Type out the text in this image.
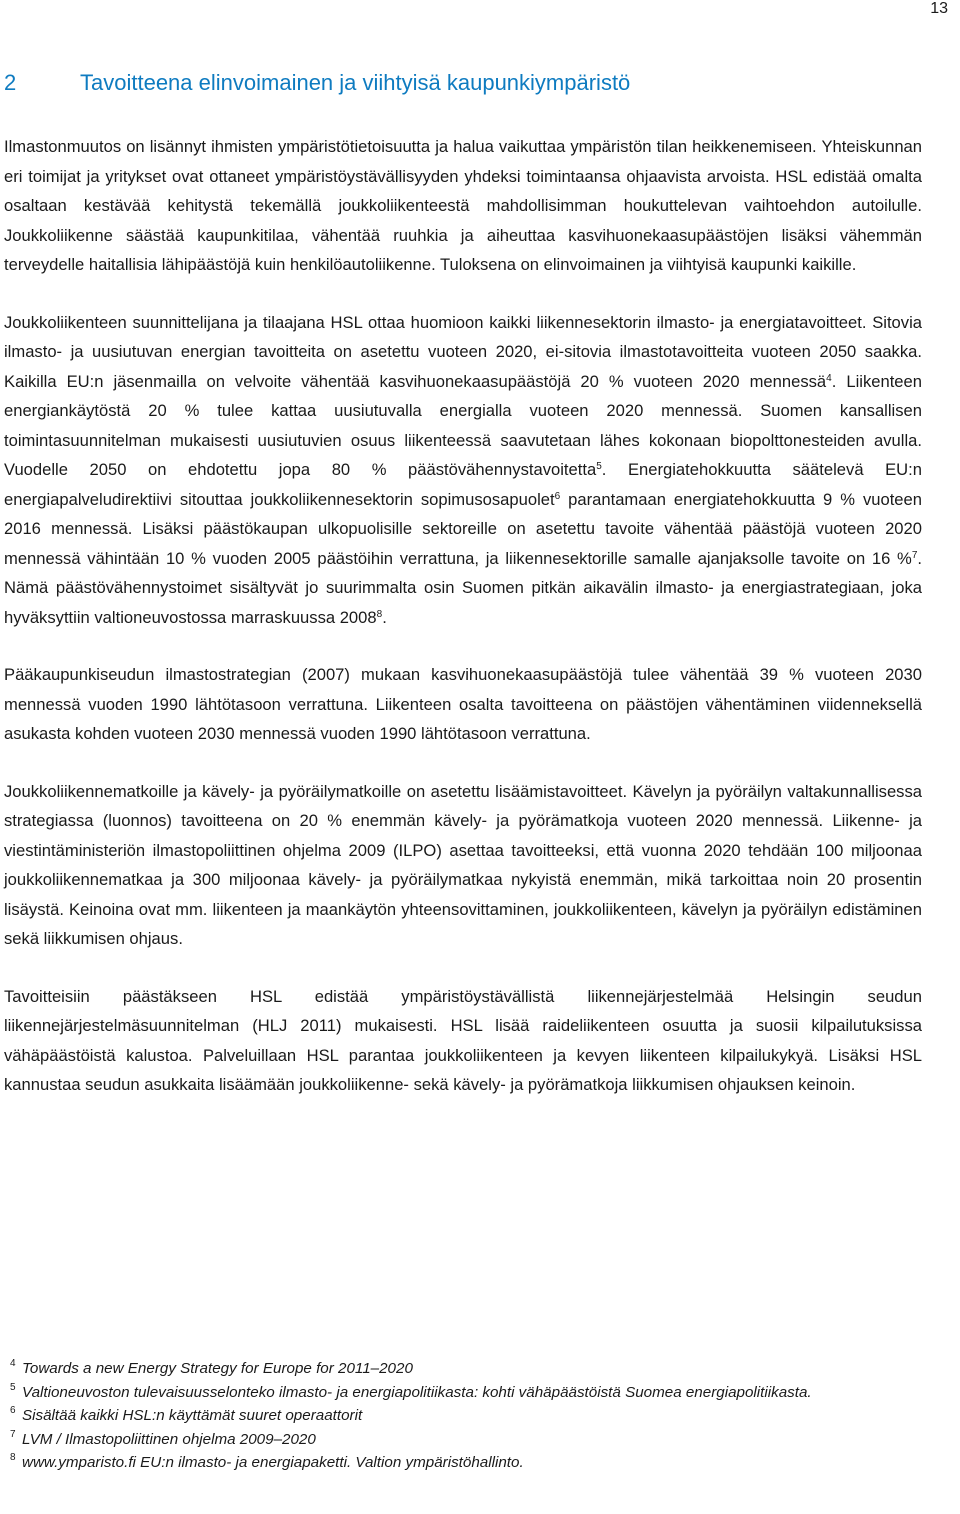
13
2	Tavoitteena elinvoimainen ja viihtyisä kaupunkiympäristö

Ilmastonmuutos on lisännyt ihmisten ympäristötietoisuutta ja halua vaikuttaa ympäristön tilan heikkenemiseen. Yhteiskunnan eri toimijat ja yritykset ovat ottaneet ympäristöystävällisyyden yhdeksi toimintaansa ohjaavista arvoista. HSL edistää omalta osaltaan kestävää kehitystä tekemällä joukkoliikenteestä mahdollisimman houkuttelevan vaihtoehdon autoilulle. Joukkoliikenne säästää kaupunkitilaa, vähentää ruuhkia ja aiheuttaa kasvihuonekaasupäästöjen lisäksi vähemmän terveydelle haitallisia lähipäästöjä kuin henkilöautoliikenne. Tuloksena on elinvoimainen ja viihtyisä kaupunki kaikille.

Joukkoliikenteen suunnittelijana ja tilaajana HSL ottaa huomioon kaikki liikennesektorin ilmasto- ja energiatavoitteet. Sitovia ilmasto- ja uusiutuvan energian tavoitteita on asetettu vuoteen 2020, ei-sitovia ilmastotavoitteita vuoteen 2050 saakka. Kaikilla EU:n jäsenmailla on velvoite vähentää kasvihuonekaasupäästöjä 20 % vuoteen 2020 mennessä$^4$. Liikenteen energiankäytöstä 20 % tulee kattaa uusiutuvalla energialla vuoteen 2020 mennessä. Suomen kansallisen toimintasuunnitelman mukaisesti uusiutuvien osuus liikenteessä saavutetaan lähes kokonaan biopolttonesteiden avulla. Vuodelle 2050 on ehdotettu jopa 80 % päästövähennystavoitetta$^5$. Energiatehokkuutta säätelevä EU:n energiapalveludirektiivi sitouttaa joukkoliikennesektorin sopimusosapuolet$^6$ parantamaan energiatehokkuutta 9 % vuoteen 2016 mennessä. Lisäksi päästökaupan ulkopuolisille sektoreille on asetettu tavoite vähentää päästöjä vuoteen 2020 mennessä vähintään 10 % vuoden 2005 päästöihin verrattuna, ja liikennesektorille samalle ajanjaksolle tavoite on 16 %$^7$. Nämä päästövähennystoimet sisältyvät jo suurimmalta osin Suomen pitkän aikavälin ilmasto- ja energiastrategiaan, joka hyväksyttiin valtioneuvostossa marraskuussa 2008$^8$.

Pääkaupunkiseudun ilmastostrategian (2007) mukaan kasvihuonekaasupäästöjä tulee vähentää 39 % vuoteen 2030 mennessä vuoden 1990 lähtötasoon verrattuna. Liikenteen osalta tavoitteena on päästöjen vähentäminen viidenneksellä asukasta kohden vuoteen 2030 mennessä vuoden 1990 lähtötasoon verrattuna.

Joukkoliikennematkoille ja kävely- ja pyöräilymatkoille on asetettu lisäämistavoitteet. Kävelyn ja pyöräilyn valtakunnallisessa strategiassa (luonnos) tavoitteena on 20 % enemmän kävely- ja pyörämatkoja vuoteen 2020 mennessä. Liikenne- ja viestintäministeriön ilmastopoliittinen ohjelma 2009 (ILPO) asettaa tavoitteeksi, että vuonna 2020 tehdään 100 miljoonaa joukkoliikennematkaa ja 300 miljoonaa kävely- ja pyöräilymatkaa nykyistä enemmän, mikä tarkoittaa noin 20 prosentin lisäystä. Keinoina ovat mm. liikenteen ja maankäytön yhteensovittaminen, joukkoliikenteen, kävelyn ja pyöräilyn edistäminen sekä liikkumisen ohjaus.

Tavoitteisiin päästäkseen HSL edistää ympäristöystävällistä liikennejärjestelmää Helsingin seudun liikennejärjestelmäsuunnitelman (HLJ 2011) mukaisesti. HSL lisää raideliikenteen osuutta ja suosii kilpailutuksissa vähäpäästöistä kalustoa. Palveluillaan HSL parantaa joukkoliikenteen ja kevyen liikenteen kilpailukykyä. Lisäksi HSL kannustaa seudun asukkaita lisäämään joukkoliikenne- sekä kävely- ja pyörämatkoja liikkumisen ohjauksen keinoin.

4 Towards a new Energy Strategy for Europe for 2011–2020

5 Valtioneuvoston tulevaisuusselonteko ilmasto- ja energiapolitiikasta: kohti vähäpäästöistä Suomea energiapolitiikasta.

6 Sisältää kaikki HSL:n käyttämät suuret operaattorit

7 LVM / Ilmastopoliittinen ohjelma 2009–2020

8 www.ymparisto.fi EU:n ilmasto- ja energiapaketti. Valtion ympäristöhallinto.
